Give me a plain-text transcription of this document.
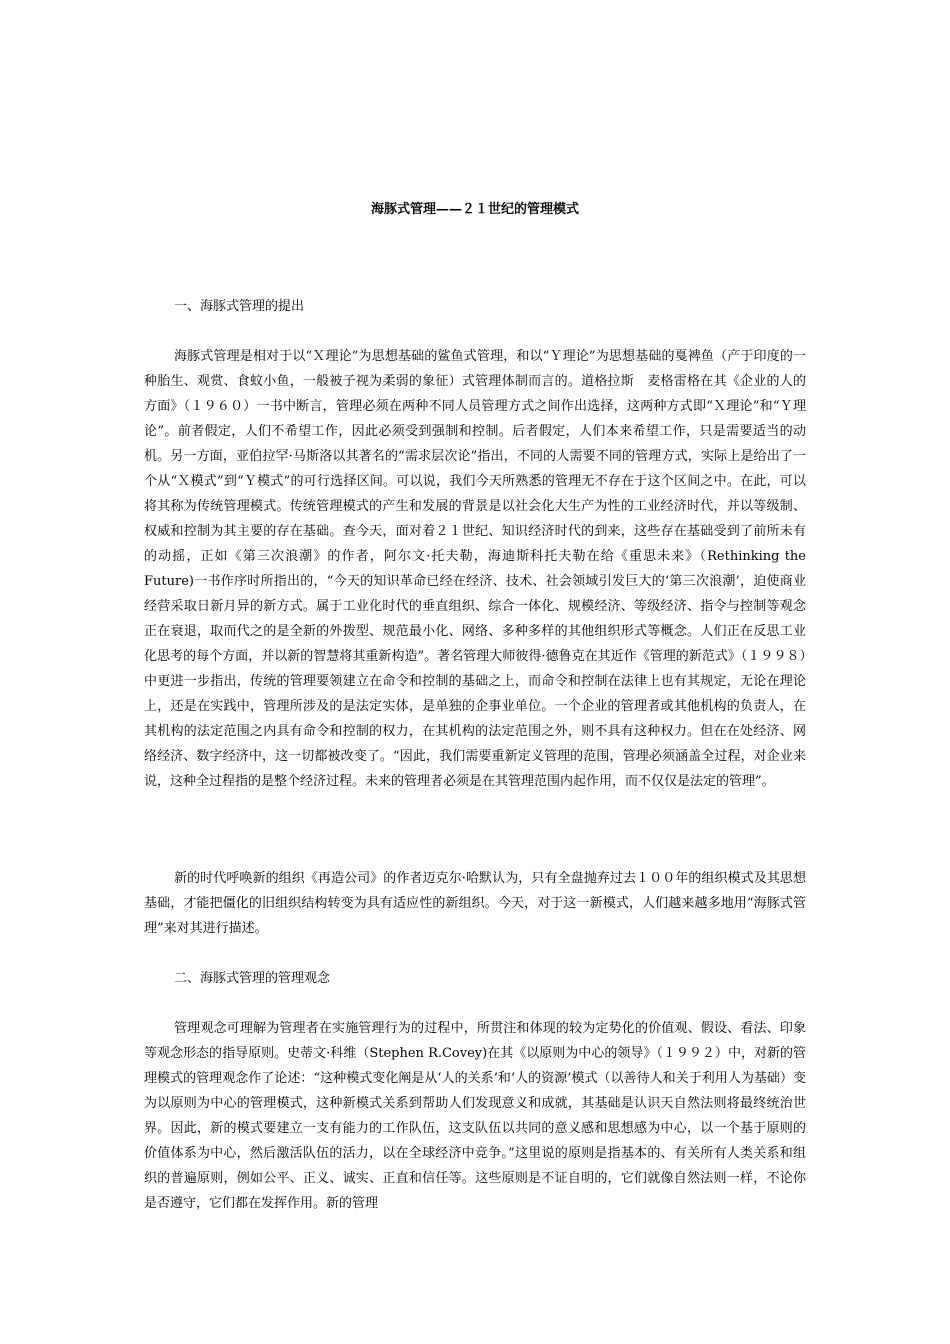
海豚式管理——２１世纪的管理模式

一、海豚式管理的提出

海豚式管理是相对于以“Ｘ理论”为思想基础的鲨鱼式管理，和以“Ｙ理论”为思想基础的戛裨鱼（产于印度的一种胎生、观赏、食蚊小鱼，一般被子视为柔弱的象征）式管理体制而言的。道格拉斯　麦格雷格在其《企业的人的方面》（１９６０）一书中断言，管理必须在两种不同人员管理方式之间作出选择，这两种方式即“Ｘ理论”和“Ｙ理论”。前者假定，人们不希望工作，因此必须受到强制和控制。后者假定，人们本来希望工作，只是需要适当的动机。另一方面，亚伯拉罕·马斯洛以其著名的“需求层次论”指出，不同的人需要不同的管理方式，实际上是给出了一个从“Ｘ模式”到“Ｙ模式”的可行选择区间。可以说，我们今天所熟悉的管理无不存在于这个区间之中。在此，可以将其称为传统管理模式。传统管理模式的产生和发展的背景是以社会化大生产为性的工业经济时代，并以等级制、权威和控制为其主要的存在基础。查今天，面对着２１世纪、知识经济时代的到来，这些存在基础受到了前所未有的动摇，正如《第三次浪潮》的作者，阿尔文·托夫勒，海迪斯科托夫勒在给《重思未来》（Rethinking the Future)一书作序时所指出的，“今天的知识革命已经在经济、技术、社会领域引发巨大的‘第三次浪潮’，迫使商业经营采取日新月异的新方式。属于工业化时代的垂直组织、综合一体化、规模经济、等级经济、指令与控制等观念正在衰退，取而代之的是全新的外拨型、规范最小化、网络、多种多样的其他组织形式等概念。人们正在反思工业化思考的每个方面，并以新的智慧将其重新构造”。著名管理大师彼得·德鲁克在其近作《管理的新范式》（１９９８）中更进一步指出，传统的管理要领建立在命令和控制的基础之上，而命令和控制在法律上也有其规定，无论在理论上，还是在实践中，管理所涉及的是法定实体，是单独的企事业单位。一个企业的管理者或其他机构的负责人，在其机构的法定范围之内具有命令和控制的权力，在其机构的法定范围之外，则不具有这种权力。但在在处经济、网络经济、数字经济中，这一切都被改变了。“因此，我们需要重新定义管理的范围，管理必须涵盖全过程，对企业来说，这种全过程指的是整个经济过程。未来的管理者必须是在其管理范围内起作用，而不仅仅是法定的管理”。

新的时代呼唤新的组织《再造公司》的作者迈克尔·哈默认为，只有全盘抛弃过去１００年的组织模式及其思想基础，才能把僵化的旧组织结构转变为具有适应性的新组织。今天，对于这一新模式，人们越来越多地用“海豚式管理”来对其进行描述。

二、海豚式管理的管理观念

管理观念可理解为管理者在实施管理行为的过程中，所贯注和体现的较为定势化的价值观、假设、看法、印象等观念形态的指导原则。史蒂文·科维（Stephen R.Covey)在其《以原则为中心的领导》（１９９２）中，对新的管理模式的管理观念作了论述：“这种模式变化阐是从‘人的关系’和‘人的资源’模式（以善待人和关于利用人为基础）变为以原则为中心的管理模式，这种新模式关系到帮助人们发现意义和成就，其基础是认识天自然法则将最终统治世界。因此，新的模式要建立一支有能力的工作队伍，这支队伍以共同的意义感和思想感为中心，以一个基于原则的价值体系为中心，然后激活队伍的活力，以在全球经济中竞争。”这里说的原则是指基本的、有关所有人类关系和组织的普遍原则，例如公平、正义、诚实、正直和信任等。这些原则是不证自明的，它们就像自然法则一样，不论你是否遵守，它们都在发挥作用。新的管理
